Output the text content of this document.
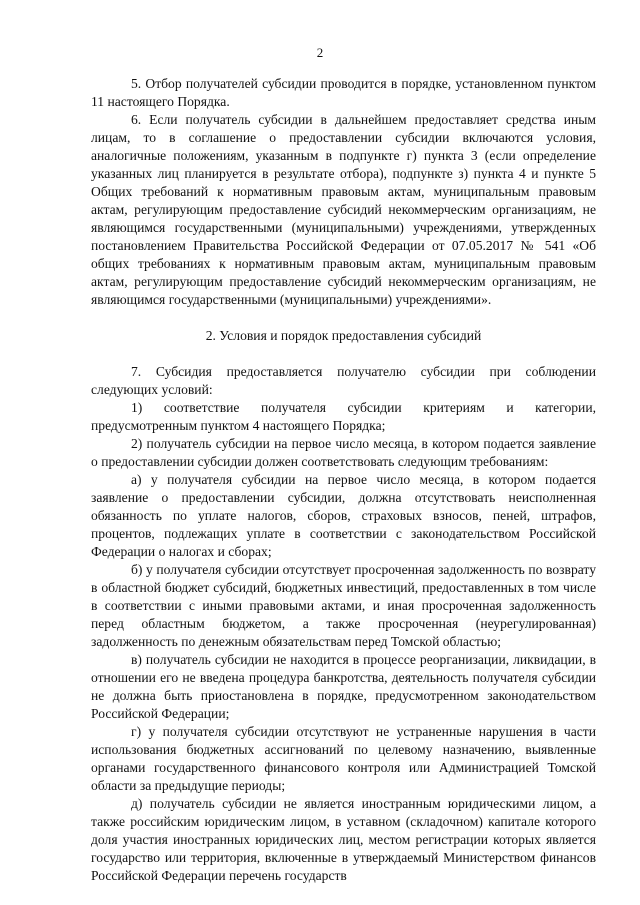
2

5. Отбор получателей субсидии проводится в порядке, установленном пунктом 11 настоящего Порядка.

6. Если получатель субсидии в дальнейшем предоставляет средства иным лицам, то в соглашение о предоставлении субсидии включаются условия, аналогичные положениям, указанным в подпункте г) пункта 3 (если определение указанных лиц планируется в результате отбора), подпункте з) пункта 4 и пункте 5 Общих требований к нормативным правовым актам, муниципальным правовым актам, регулирующим предоставление субсидий некоммерческим организациям, не являющимся государственными (муниципальными) учреждениями, утвержденных постановлением Правительства Российской Федерации от 07.05.2017 № 541 «Об общих требованиях к нормативным правовым актам, муниципальным правовым актам, регулирующим предоставление субсидий некоммерческим организациям, не являющимся государственными (муниципальными) учреждениями».

2. Условия и порядок предоставления субсидий

7. Субсидия предоставляется получателю субсидии при соблюдении следующих условий:

1) соответствие получателя субсидии критериям и категории, предусмотренным пунктом 4 настоящего Порядка;

2) получатель субсидии на первое число месяца, в котором подается заявление о предоставлении субсидии должен соответствовать следующим требованиям:

а) у получателя субсидии на первое число месяца, в котором подается заявление о предоставлении субсидии, должна отсутствовать неисполненная обязанность по уплате налогов, сборов, страховых взносов, пеней, штрафов, процентов, подлежащих уплате в соответствии с законодательством Российской Федерации о налогах и сборах;

б) у получателя субсидии отсутствует просроченная задолженность по возврату в областной бюджет субсидий, бюджетных инвестиций, предоставленных в том числе в соответствии с иными правовыми актами, и иная просроченная задолженность перед областным бюджетом, а также просроченная (неурегулированная) задолженность по денежным обязательствам перед Томской областью;

в) получатель субсидии не находится в процессе реорганизации, ликвидации, в отношении его не введена процедура банкротства, деятельность получателя субсидии не должна быть приостановлена в порядке, предусмотренном законодательством Российской Федерации;

г) у получателя субсидии отсутствуют не устраненные нарушения в части использования бюджетных ассигнований по целевому назначению, выявленные органами государственного финансового контроля или Администрацией Томской области за предыдущие периоды;

д) получатель субсидии не является иностранным юридическими лицом, а также российским юридическим лицом, в уставном (складочном) капитале которого доля участия иностранных юридических лиц, местом регистрации которых является государство или территория, включенные в утверждаемый Министерством финансов Российской Федерации перечень государств
